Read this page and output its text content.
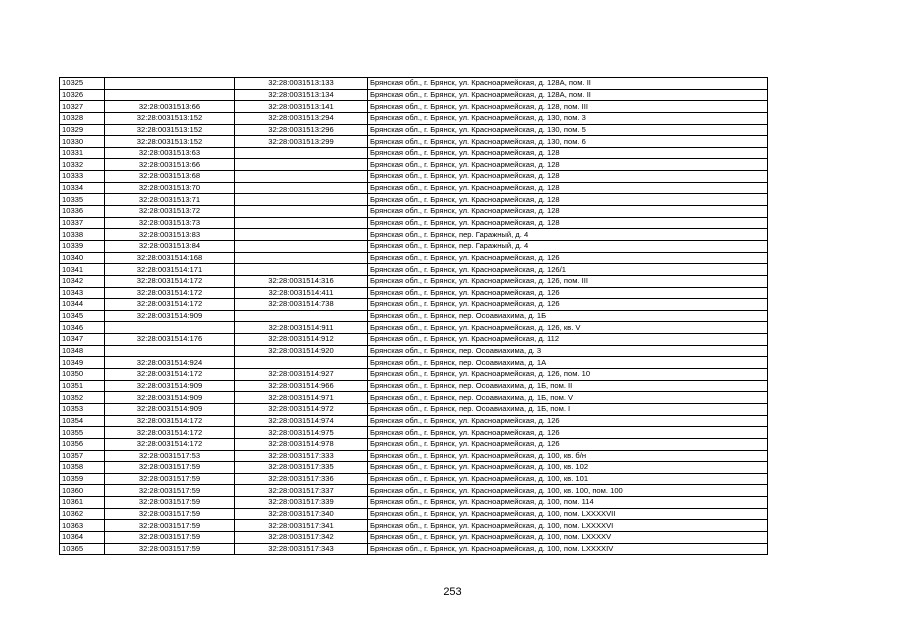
10325		32:28:0031513:133	Брянская обл., г. Брянск, ул. Красноармейская, д. 128А, пом. II
10326		32:28:0031513:134	Брянская обл., г. Брянск, ул. Красноармейская, д. 128А, пом. II
10327	32:28:0031513:66	32:28:0031513:141	Брянская обл., г. Брянск, ул. Красноармейская, д. 128, пом. III
10328	32:28:0031513:152	32:28:0031513:294	Брянская обл., г. Брянск, ул. Красноармейская, д. 130, пом. 3
10329	32:28:0031513:152	32:28:0031513:296	Брянская обл., г. Брянск, ул. Красноармейская, д. 130, пом. 5
10330	32:28:0031513:152	32:28:0031513:299	Брянская обл., г. Брянск, ул. Красноармейская, д. 130, пом. 6
10331	32:28:0031513:63		Брянская обл., г. Брянск, ул. Красноармейская, д. 128
10332	32:28:0031513:66		Брянская обл., г. Брянск, ул. Красноармейская, д. 128
10333	32:28:0031513:68		Брянская обл., г. Брянск, ул. Красноармейская, д. 128
10334	32:28:0031513:70		Брянская обл., г. Брянск, ул. Красноармейская, д. 128
10335	32:28:0031513:71		Брянская обл., г. Брянск, ул. Красноармейская, д. 128
10336	32:28:0031513:72		Брянская обл., г. Брянск, ул. Красноармейская, д. 128
10337	32:28:0031513:73		Брянская обл., г. Брянск, ул. Красноармейская, д. 128
10338	32:28:0031513:83		Брянская обл., г. Брянск, пер. Гаражный, д. 4
10339	32:28:0031513:84		Брянская обл., г. Брянск, пер. Гаражный, д. 4
10340	32:28:0031514:168		Брянская обл., г. Брянск, ул. Красноармейская, д. 126
10341	32:28:0031514:171		Брянская обл., г. Брянск, ул. Красноармейская, д. 126/1
10342	32:28:0031514:172	32:28:0031514:316	Брянская обл., г. Брянск, ул. Красноармейская, д. 126, пом. III
10343	32:28:0031514:172	32:28:0031514:411	Брянская обл., г. Брянск, ул. Красноармейская, д. 126
10344	32:28:0031514:172	32:28:0031514:738	Брянская обл., г. Брянск, ул. Красноармейская, д. 126
10345	32:28:0031514:909		Брянская обл., г. Брянск, пер. Осоавиахима, д. 1Б
10346		32:28:0031514:911	Брянская обл., г. Брянск, ул. Красноармейская, д. 126, кв. V
10347	32:28:0031514:176	32:28:0031514:912	Брянская обл., г. Брянск, ул. Красноармейская, д. 112
10348		32:28:0031514:920	Брянская обл., г. Брянск, пер. Осоавиахима, д. 3
10349	32:28:0031514:924		Брянская обл., г. Брянск, пер. Осоавиахима, д. 1А
10350	32:28:0031514:172	32:28:0031514:927	Брянская обл., г. Брянск, ул. Красноармейская, д. 126, пом. 10
10351	32:28:0031514:909	32:28:0031514:966	Брянская обл., г. Брянск, пер. Осоавиахима, д. 1Б, пом. II
10352	32:28:0031514:909	32:28:0031514:971	Брянская обл., г. Брянск, пер. Осоавиахима, д. 1Б, пом. V
10353	32:28:0031514:909	32:28:0031514:972	Брянская обл., г. Брянск, пер. Осоавиахима, д. 1Б, пом. I
10354	32:28:0031514:172	32:28:0031514:974	Брянская обл., г. Брянск, ул. Красноармейская, д. 126
10355	32:28:0031514:172	32:28:0031514:975	Брянская обл., г. Брянск, ул. Красноармейская, д. 126
10356	32:28:0031514:172	32:28:0031514:978	Брянская обл., г. Брянск, ул. Красноармейская, д. 126
10357	32:28:0031517:53	32:28:0031517:333	Брянская обл., г. Брянск, ул. Красноармейская, д. 100, кв. б/н
10358	32:28:0031517:59	32:28:0031517:335	Брянская обл., г. Брянск, ул. Красноармейская, д. 100, кв. 102
10359	32:28:0031517:59	32:28:0031517:336	Брянская обл., г. Брянск, ул. Красноармейская, д. 100, кв. 101
10360	32:28:0031517:59	32:28:0031517:337	Брянская обл., г. Брянск, ул. Красноармейская, д. 100, кв. 100, пом. 100
10361	32:28:0031517:59	32:28:0031517:339	Брянская обл., г. Брянск, ул. Красноармейская, д. 100, пом. 114
10362	32:28:0031517:59	32:28:0031517:340	Брянская обл., г. Брянск, ул. Красноармейская, д. 100, пом. LXXXXVII
10363	32:28:0031517:59	32:28:0031517:341	Брянская обл., г. Брянск, ул. Красноармейская, д. 100, пом. LXXXXVI
10364	32:28:0031517:59	32:28:0031517:342	Брянская обл., г. Брянск, ул. Красноармейская, д. 100, пом. LXXXXV
10365	32:28:0031517:59	32:28:0031517:343	Брянская обл., г. Брянск, ул. Красноармейская, д. 100, пом. LXXXXIV
253
